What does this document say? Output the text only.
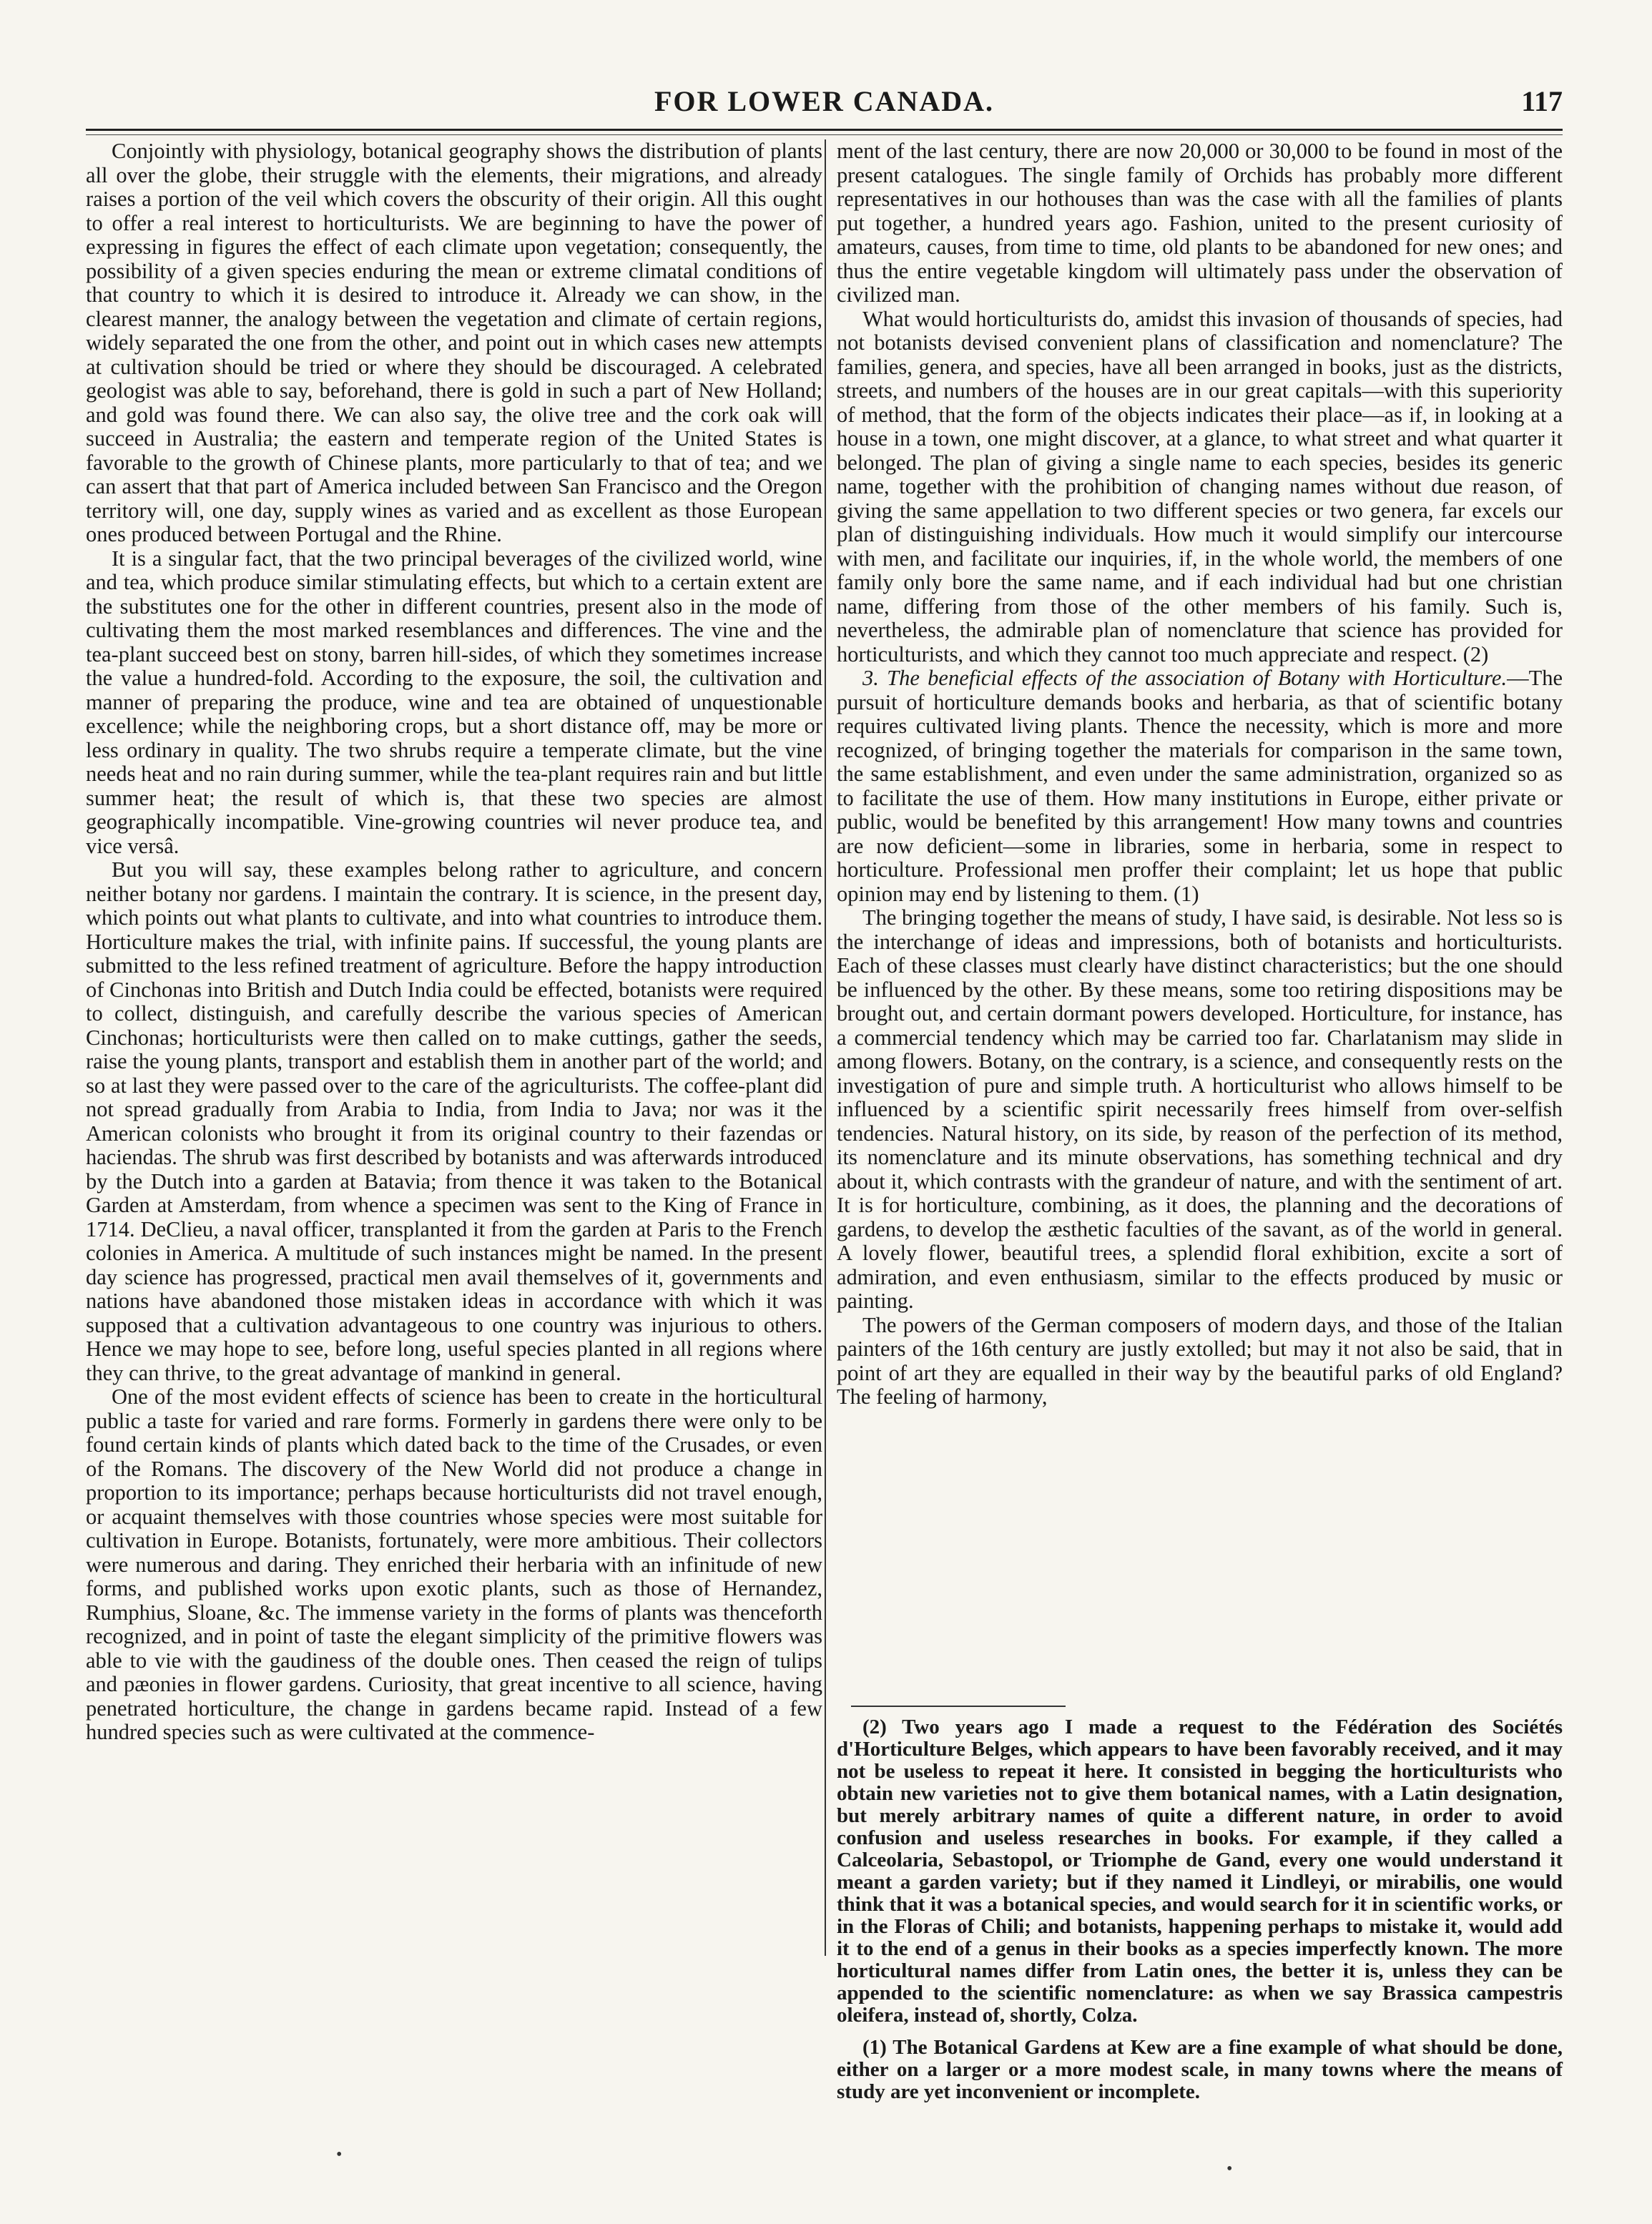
FOR LOWER CANADA.	117

Conjointly with physiology, botanical geography shows the distribution of plants all over the globe, their struggle with the elements, their migrations, and already raises a portion of the veil which covers the obscurity of their origin. All this ought to offer a real interest to horticulturists. We are beginning to have the power of expressing in figures the effect of each climate upon vegetation; consequently, the possibility of a given species enduring the mean or extreme climatal conditions of that country to which it is desired to introduce it. Already we can show, in the clearest manner, the analogy between the vegetation and climate of certain regions, widely separated the one from the other, and point out in which cases new attempts at cultivation should be tried or where they should be discouraged. A celebrated geologist was able to say, beforehand, there is gold in such a part of New Holland; and gold was found there. We can also say, the olive tree and the cork oak will succeed in Australia; the eastern and temperate region of the United States is favorable to the growth of Chinese plants, more particularly to that of tea; and we can assert that that part of America included between San Francisco and the Oregon territory will, one day, supply wines as varied and as excellent as those European ones produced between Portugal and the Rhine.

It is a singular fact, that the two principal beverages of the civilized world, wine and tea, which produce similar stimulating effects, but which to a certain extent are the substitutes one for the other in different countries, present also in the mode of cultivating them the most marked resemblances and differences. The vine and the tea-plant succeed best on stony, barren hill-sides, of which they sometimes increase the value a hundred-fold. According to the exposure, the soil, the cultivation and manner of preparing the produce, wine and tea are obtained of unquestionable excellence; while the neighboring crops, but a short distance off, may be more or less ordinary in quality. The two shrubs require a temperate climate, but the vine needs heat and no rain during summer, while the tea-plant requires rain and but little summer heat; the result of which is, that these two species are almost geographically incompatible. Vine-growing countries wil never produce tea, and vice versâ.

But you will say, these examples belong rather to agriculture, and concern neither botany nor gardens. I maintain the contrary. It is science, in the present day, which points out what plants to cultivate, and into what countries to introduce them. Horticulture makes the trial, with infinite pains. If successful, the young plants are submitted to the less refined treatment of agriculture. Before the happy introduction of Cinchonas into British and Dutch India could be effected, botanists were required to collect, distinguish, and carefully describe the various species of American Cinchonas; horticulturists were then called on to make cuttings, gather the seeds, raise the young plants, transport and establish them in another part of the world; and so at last they were passed over to the care of the agriculturists. The coffee-plant did not spread gradually from Arabia to India, from India to Java; nor was it the American colonists who brought it from its original country to their fazendas or haciendas. The shrub was first described by botanists and was afterwards introduced by the Dutch into a garden at Batavia; from thence it was taken to the Botanical Garden at Amsterdam, from whence a specimen was sent to the King of France in 1714. DeClieu, a naval officer, transplanted it from the garden at Paris to the French colonies in America. A multitude of such instances might be named. In the present day science has progressed, practical men avail themselves of it, governments and nations have abandoned those mistaken ideas in accordance with which it was supposed that a cultivation advantageous to one country was injurious to others. Hence we may hope to see, before long, useful species planted in all regions where they can thrive, to the great advantage of mankind in general.

One of the most evident effects of science has been to create in the horticultural public a taste for varied and rare forms. Formerly in gardens there were only to be found certain kinds of plants which dated back to the time of the Crusades, or even of the Romans. The discovery of the New World did not produce a change in proportion to its importance; perhaps because horticulturists did not travel enough, or acquaint themselves with those countries whose species were most suitable for cultivation in Europe. Botanists, fortunately, were more ambitious. Their collectors were numerous and daring. They enriched their herbaria with an infinitude of new forms, and published works upon exotic plants, such as those of Hernandez, Rumphius, Sloane, &c. The immense variety in the forms of plants was thenceforth recognized, and in point of taste the elegant simplicity of the primitive flowers was able to vie with the gaudiness of the double ones. Then ceased the reign of tulips and pæonies in flower gardens. Curiosity, that great incentive to all science, having penetrated horticulture, the change in gardens became rapid. Instead of a few hundred species such as were cultivated at the commence-

ment of the last century, there are now 20,000 or 30,000 to be found in most of the present catalogues. The single family of Orchids has probably more different representatives in our hothouses than was the case with all the families of plants put together, a hundred years ago. Fashion, united to the present curiosity of amateurs, causes, from time to time, old plants to be abandoned for new ones; and thus the entire vegetable kingdom will ultimately pass under the observation of civilized man.

What would horticulturists do, amidst this invasion of thousands of species, had not botanists devised convenient plans of classification and nomenclature? The families, genera, and species, have all been arranged in books, just as the districts, streets, and numbers of the houses are in our great capitals—with this superiority of method, that the form of the objects indicates their place—as if, in looking at a house in a town, one might discover, at a glance, to what street and what quarter it belonged. The plan of giving a single name to each species, besides its generic name, together with the prohibition of changing names without due reason, of giving the same appellation to two different species or two genera, far excels our plan of distinguishing individuals. How much it would simplify our intercourse with men, and facilitate our inquiries, if, in the whole world, the members of one family only bore the same name, and if each individual had but one christian name, differing from those of the other members of his family. Such is, nevertheless, the admirable plan of nomenclature that science has provided for horticulturists, and which they cannot too much appreciate and respect. (2)

3. The beneficial effects of the association of Botany with Horticulture.—The pursuit of horticulture demands books and herbaria, as that of scientific botany requires cultivated living plants. Thence the necessity, which is more and more recognized, of bringing together the materials for comparison in the same town, the same establishment, and even under the same administration, organized so as to facilitate the use of them. How many institutions in Europe, either private or public, would be benefited by this arrangement! How many towns and countries are now deficient—some in libraries, some in herbaria, some in respect to horticulture. Professional men proffer their complaint; let us hope that public opinion may end by listening to them. (1)

The bringing together the means of study, I have said, is desirable. Not less so is the interchange of ideas and impressions, both of botanists and horticulturists. Each of these classes must clearly have distinct characteristics; but the one should be influenced by the other. By these means, some too retiring dispositions may be brought out, and certain dormant powers developed. Horticulture, for instance, has a commercial tendency which may be carried too far. Charlatanism may slide in among flowers. Botany, on the contrary, is a science, and consequently rests on the investigation of pure and simple truth. A horticulturist who allows himself to be influenced by a scientific spirit necessarily frees himself from over-selfish tendencies. Natural history, on its side, by reason of the perfection of its method, its nomenclature and its minute observations, has something technical and dry about it, which contrasts with the grandeur of nature, and with the sentiment of art. It is for horticulture, combining, as it does, the planning and the decorations of gardens, to develop the æsthetic faculties of the savant, as of the world in general. A lovely flower, beautiful trees, a splendid floral exhibition, excite a sort of admiration, and even enthusiasm, similar to the effects produced by music or painting.

The powers of the German composers of modern days, and those of the Italian painters of the 16th century are justly extolled; but may it not also be said, that in point of art they are equalled in their way by the beautiful parks of old England? The feeling of harmony,

(2) Two years ago I made a request to the Fédération des Sociétés d'Horticulture Belges, which appears to have been favorably received, and it may not be useless to repeat it here. It consisted in begging the horticulturists who obtain new varieties not to give them botanical names, with a Latin designation, but merely arbitrary names of quite a different nature, in order to avoid confusion and useless researches in books. For example, if they called a Calceolaria, Sebastopol, or Triomphe de Gand, every one would understand it meant a garden variety; but if they named it Lindleyi, or mirabilis, one would think that it was a botanical species, and would search for it in scientific works, or in the Floras of Chili; and botanists, happening perhaps to mistake it, would add it to the end of a genus in their books as a species imperfectly known. The more horticultural names differ from Latin ones, the better it is, unless they can be appended to the scientific nomenclature: as when we say Brassica campestris oleifera, instead of, shortly, Colza.

(1) The Botanical Gardens at Kew are a fine example of what should be done, either on a larger or a more modest scale, in many towns where the means of study are yet inconvenient or incomplete.

•
•
